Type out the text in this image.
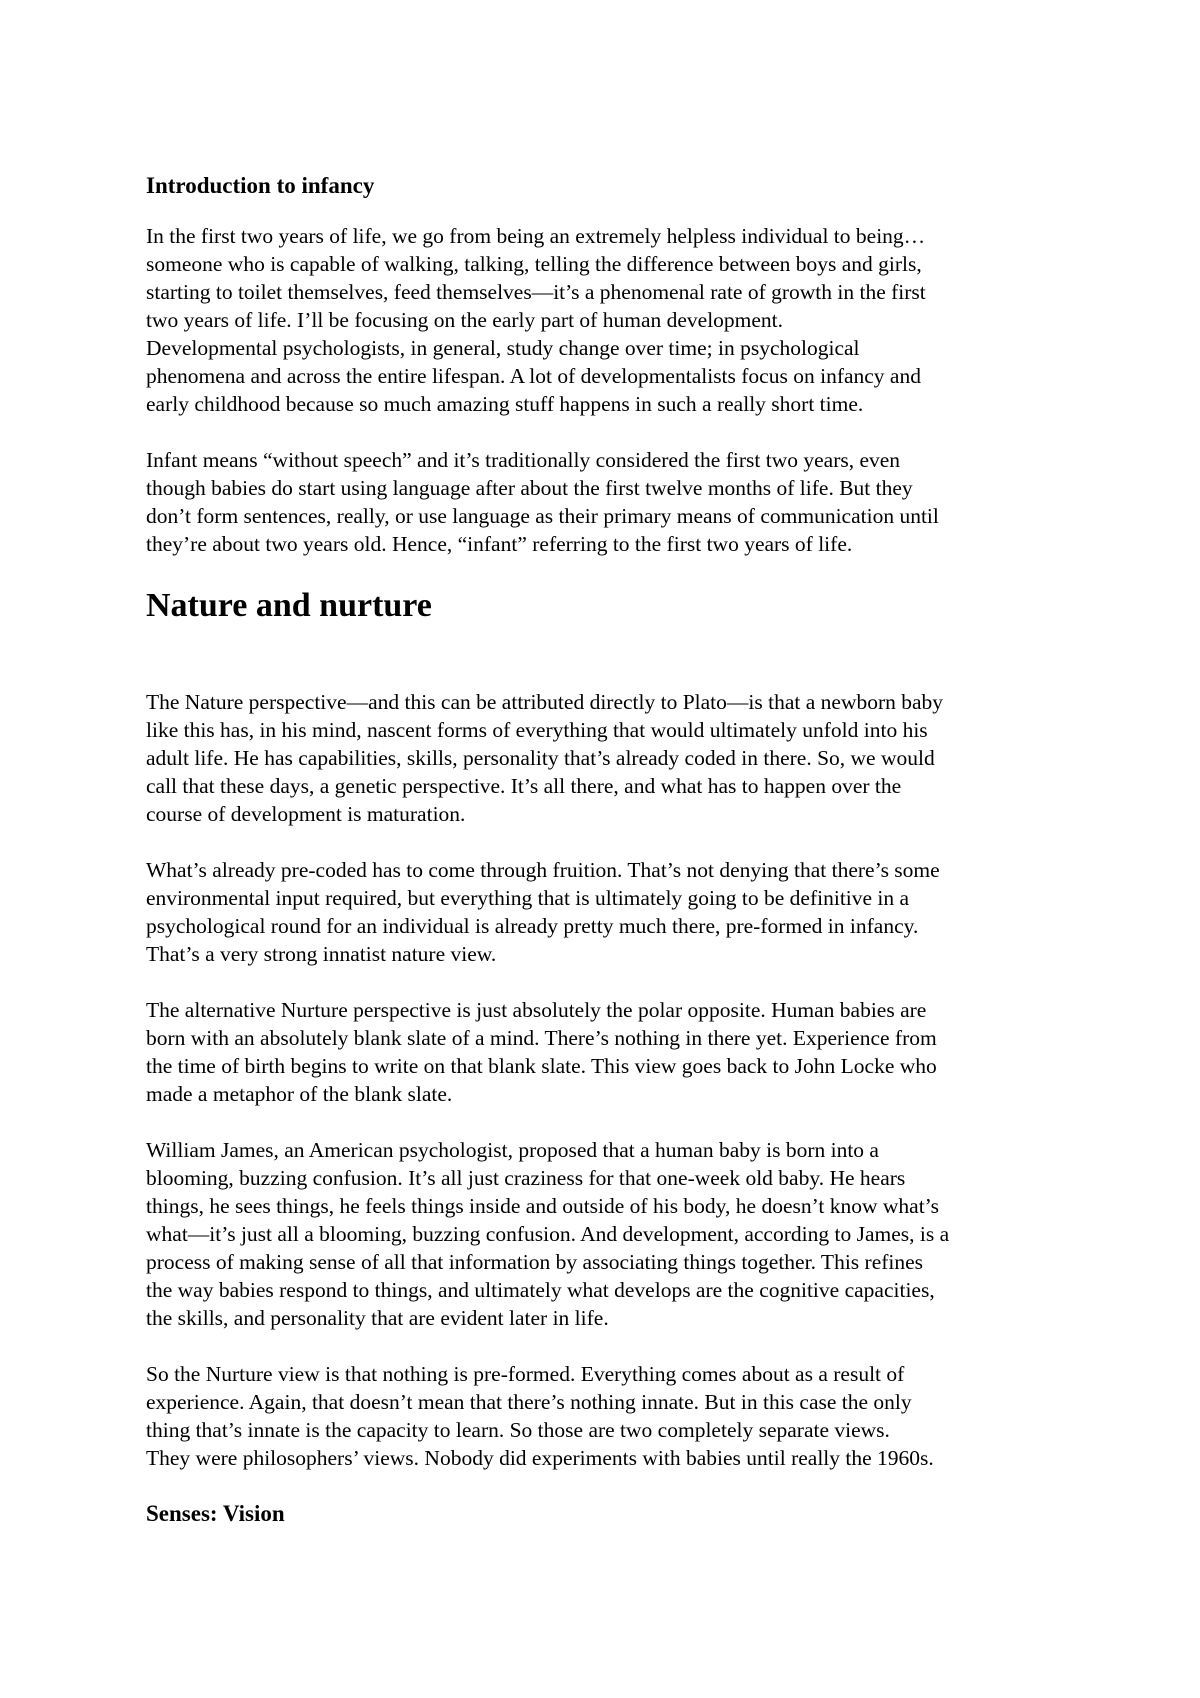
Introduction to infancy

In the first two years of life, we go from being an extremely helpless individual to being…
someone who is capable of walking, talking, telling the difference between boys and girls,
starting to toilet themselves, feed themselves—it’s a phenomenal rate of growth in the first
two years of life. I’ll be focusing on the early part of human development.
Developmental psychologists, in general, study change over time; in psychological
phenomena and across the entire lifespan. A lot of developmentalists focus on infancy and
early childhood because so much amazing stuff happens in such a really short time.

Infant means “without speech” and it’s traditionally considered the first two years, even
though babies do start using language after about the first twelve months of life. But they
don’t form sentences, really, or use language as their primary means of communication until
they’re about two years old. Hence, “infant” referring to the first two years of life.

Nature and nurture

The Nature perspective—and this can be attributed directly to Plato—is that a newborn baby
like this has, in his mind, nascent forms of everything that would ultimately unfold into his
adult life. He has capabilities, skills, personality that’s already coded in there. So, we would
call that these days, a genetic perspective. It’s all there, and what has to happen over the
course of development is maturation.

What’s already pre-coded has to come through fruition. That’s not denying that there’s some
environmental input required, but everything that is ultimately going to be definitive in a
psychological round for an individual is already pretty much there, pre-formed in infancy.
That’s a very strong innatist nature view.

The alternative Nurture perspective is just absolutely the polar opposite. Human babies are
born with an absolutely blank slate of a mind. There’s nothing in there yet. Experience from
the time of birth begins to write on that blank slate. This view goes back to John Locke who
made a metaphor of the blank slate.

William James, an American psychologist, proposed that a human baby is born into a
blooming, buzzing confusion. It’s all just craziness for that one-week old baby. He hears
things, he sees things, he feels things inside and outside of his body, he doesn’t know what’s
what—it’s just all a blooming, buzzing confusion. And development, according to James, is a
process of making sense of all that information by associating things together. This refines
the way babies respond to things, and ultimately what develops are the cognitive capacities,
the skills, and personality that are evident later in life.

So the Nurture view is that nothing is pre-formed. Everything comes about as a result of
experience. Again, that doesn’t mean that there’s nothing innate. But in this case the only
thing that’s innate is the capacity to learn. So those are two completely separate views.
They were philosophers’ views. Nobody did experiments with babies until really the 1960s.

Senses: Vision
